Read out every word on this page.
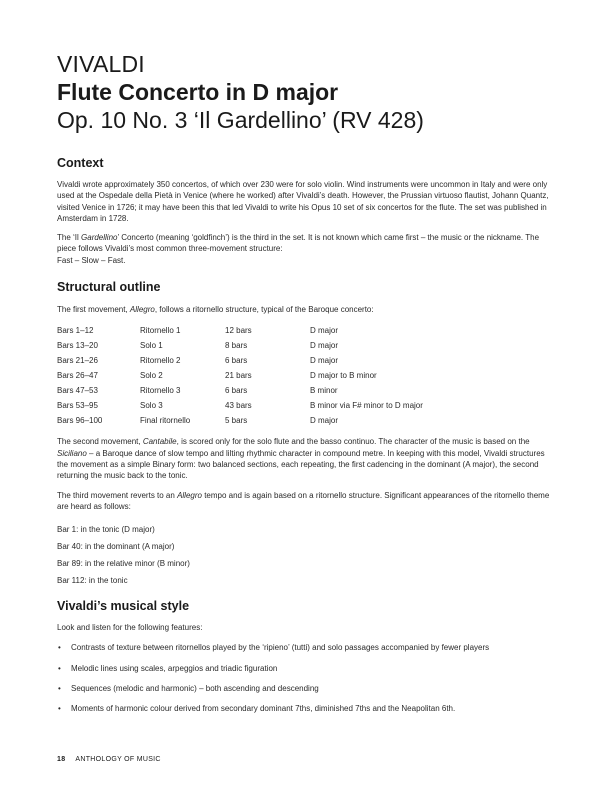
VIVALDI
Flute Concerto in D major
Op. 10 No. 3 ‘Il Gardellino’ (RV 428)
Context

Vivaldi wrote approximately 350 concertos, of which over 230 were for solo violin. Wind instruments were uncommon in Italy and were only used at the Ospedale della Pietà in Venice (where he worked) after Vivaldi’s death. However, the Prussian virtuoso flautist, Johann Quantz, visited Venice in 1726; it may have been this that led Vivaldi to write his Opus 10 set of six concertos for the flute. The set was published in Amsterdam in 1728.

The ‘Il Gardellino’ Concerto (meaning ‘goldfinch’) is the third in the set. It is not known which came first – the music or the nickname. The piece follows Vivaldi’s most common three-movement structure:
Fast – Slow – Fast.

Structural outline

The first movement, Allegro, follows a ritornello structure, typical of the Baroque concerto:

Bars 1–12	Ritornello 1	12 bars	D major
Bars 13–20	Solo 1	8 bars	D major
Bars 21–26	Ritornello 2	6 bars	D major
Bars 26–47	Solo 2	21 bars	D major to B minor
Bars 47–53	Ritornello 3	6 bars	B minor
Bars 53–95	Solo 3	43 bars	B minor via F# minor to D major
Bars 96–100	Final ritornello	5 bars	D major

The second movement, Cantabile, is scored only for the solo flute and the basso continuo. The character of the music is based on the Siciliano – a Baroque dance of slow tempo and lilting rhythmic character in compound metre. In keeping with this model, Vivaldi structures the movement as a simple Binary form: two balanced sections, each repeating, the first cadencing in the dominant (A major), the second returning the music back to the tonic.

The third movement reverts to an Allegro tempo and is again based on a ritornello structure. Significant appearances of the ritornello theme are heard as follows:

Bar 1: in the tonic (D major)
Bar 40: in the dominant (A major)
Bar 89: in the relative minor (B minor)
Bar 112: in the tonic
Vivaldi’s musical style

Look and listen for the following features:

• Contrasts of texture between ritornellos played by the ‘ripieno’ (tutti) and solo passages accompanied by fewer players
• Melodic lines using scales, arpeggios and triadic figuration
• Sequences (melodic and harmonic) – both ascending and descending
• Moments of harmonic colour derived from secondary dominant 7ths, diminished 7ths and the Neapolitan 6th.
18 ANTHOLOGY OF MUSIC
